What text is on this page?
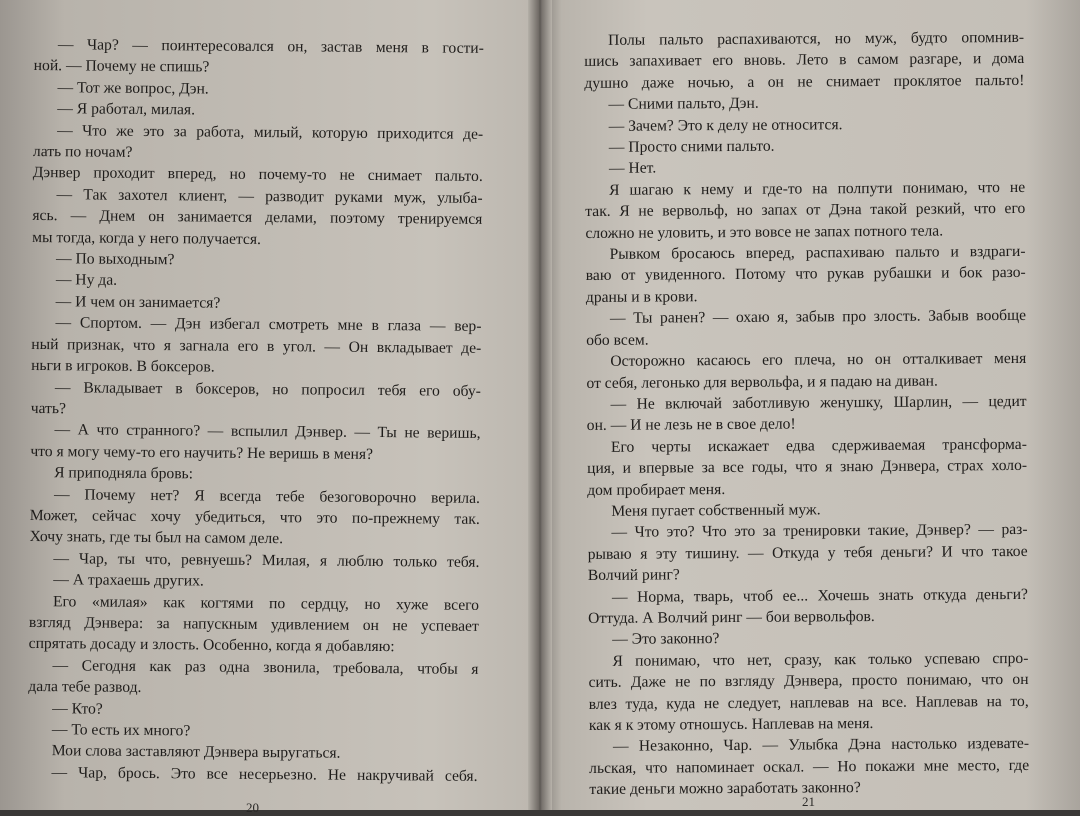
— Чар? — поинтересовался он, застав меня в гости-
ной. — Почему не спишь?
— Тот же вопрос, Дэн.
— Я работал, милая.
— Что же это за работа, милый, которую приходится де-
лать по ночам?
Дэнвер проходит вперед, но почему-то не снимает пальто.
— Так захотел клиент, — разводит руками муж, улыба-
ясь. — Днем он занимается делами, поэтому тренируемся
мы тогда, когда у него получается.
— По выходным?
— Ну да.
— И чем он занимается?
— Спортом. — Дэн избегал смотреть мне в глаза — вер-
ный признак, что я загнала его в угол. — Он вкладывает де-
ньги в игроков. В боксеров.
— Вкладывает в боксеров, но попросил тебя его обу-
чать?
— А что странного? — вспылил Дэнвер. — Ты не веришь,
что я могу чему-то его научить? Не веришь в меня?
Я приподняла бровь:
— Почему нет? Я всегда тебе безоговорочно верила.
Может, сейчас хочу убедиться, что это по-прежнему так.
Хочу знать, где ты был на самом деле.
— Чар, ты что, ревнуешь? Милая, я люблю только тебя.
— А трахаешь других.
Его «милая» как когтями по сердцу, но хуже всего
взгляд Дэнвера: за напускным удивлением он не успевает
спрятать досаду и злость. Особенно, когда я добавляю:
— Сегодня как раз одна звонила, требовала, чтобы я
дала тебе развод.
— Кто?
— То есть их много?
Мои слова заставляют Дэнвера выругаться.
— Чар, брось. Это все несерьезно. Не накручивай себя.
20
Полы пальто распахиваются, но муж, будто опомнив-
шись запахивает его вновь. Лето в самом разгаре, и дома
душно даже ночью, а он не снимает проклятое пальто!
— Сними пальто, Дэн.
— Зачем? Это к делу не относится.
— Просто сними пальто.
— Нет.
Я шагаю к нему и где-то на полпути понимаю, что не
так. Я не вервольф, но запах от Дэна такой резкий, что его
сложно не уловить, и это вовсе не запах потного тела.
Рывком бросаюсь вперед, распахиваю пальто и вздраги-
ваю от увиденного. Потому что рукав рубашки и бок разо-
драны и в крови.
— Ты ранен? — охаю я, забыв про злость. Забыв вообще
обо всем.
Осторожно касаюсь его плеча, но он отталкивает меня
от себя, легонько для вервольфа, и я падаю на диван.
— Не включай заботливую женушку, Шарлин, — цедит
он. — И не лезь не в свое дело!
Его черты искажает едва сдерживаемая трансформа-
ция, и впервые за все годы, что я знаю Дэнвера, страх холо-
дом пробирает меня.
Меня пугает собственный муж.
— Что это? Что это за тренировки такие, Дэнвер? — раз-
рываю я эту тишину. — Откуда у тебя деньги? И что такое
Волчий ринг?
— Норма, тварь, чтоб ее... Хочешь знать откуда деньги?
Оттуда. А Волчий ринг — бои вервольфов.
— Это законно?
Я понимаю, что нет, сразу, как только успеваю спро-
сить. Даже не по взгляду Дэнвера, просто понимаю, что он
влез туда, куда не следует, наплевав на все. Наплевав на то,
как я к этому отношусь. Наплевав на меня.
— Незаконно, Чар. — Улыбка Дэна настолько издевате-
льская, что напоминает оскал. — Но покажи мне место, где
такие деньги можно заработать законно?
21
